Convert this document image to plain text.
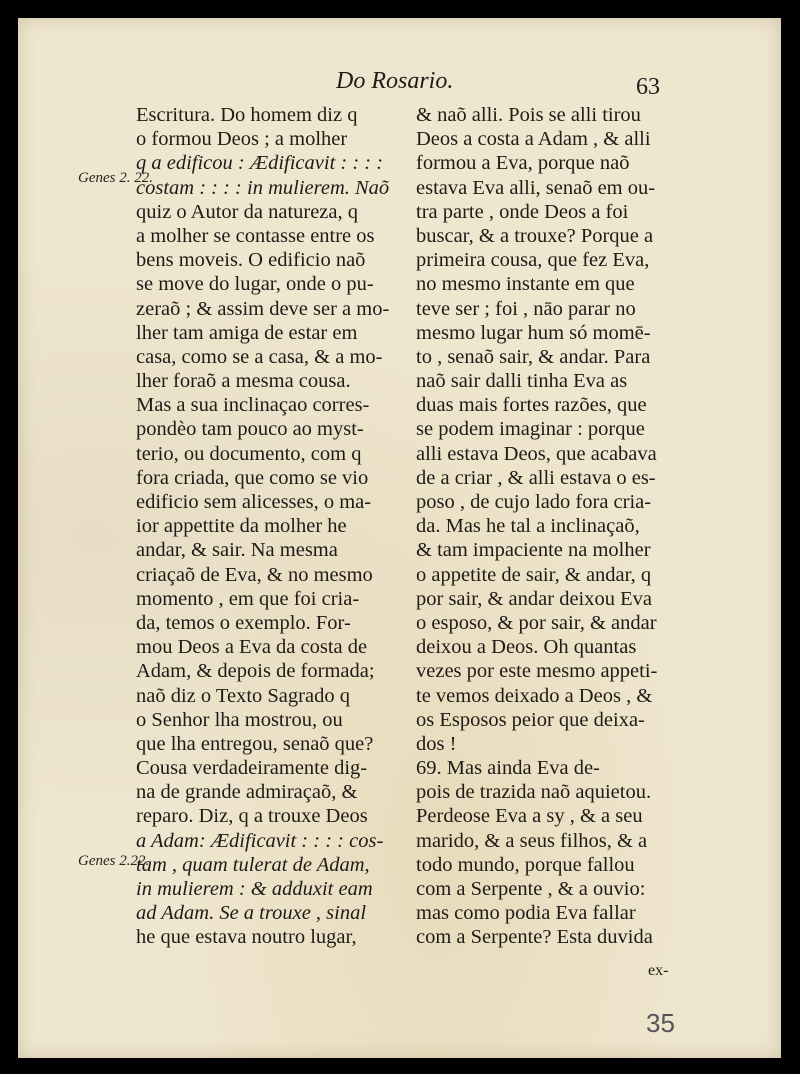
Do Rosario.	63
Genes 2. 22.
Genes 2.22.
Escritura. Do homem diz q
o formou Deos ; a molher
q a edificou : Ædificavit : : : :
costam : : : : in mulierem. Naõ
quiz o Autor da natureza, q
a molher se contasse entre os
bens moveis. O edificio naõ
se move do lugar, onde o pu-
zeraõ ; & assim deve ser a mo-
lher tam amiga de estar em
casa, como se a casa, & a mo-
lher foraõ a mesma cousa.
Mas a sua inclinaçao corres-
pondèo tam pouco ao myst-
terio, ou documento, com q
fora criada, que como se vio
edificio sem alicesses, o ma-
ior appettite da molher he
andar, & sair. Na mesma
criaçaõ de Eva, & no mesmo
momento , em que foi cria-
da, temos o exemplo. For-
mou Deos a Eva da costa de
Adam, & depois de formada;
naõ diz o Texto Sagrado q
o Senhor lha mostrou, ou
que lha entregou, senaõ que?
Cousa verdadeiramente dig-
na de grande admiraçaõ, &
reparo. Diz, q a trouxe Deos
a Adam: Ædificavit : : : : cos-
tam , quam tulerat de Adam,
in mulierem : & adduxit eam
ad Adam. Se a trouxe , sinal
he que estava noutro lugar,
& naõ alli. Pois se alli tirou
Deos a costa a Adam , & alli
formou a Eva, porque naõ
estava Eva alli, senaõ em ou-
tra parte , onde Deos a foi
buscar, & a trouxe? Porque a
primeira cousa, que fez Eva,
no mesmo instante em que
teve ser ; foi , nāo parar no
mesmo lugar hum só momē-
to , senaõ sair, & andar. Para
naõ sair dalli tinha Eva as
duas mais fortes razões, que
se podem imaginar : porque
alli estava Deos, que acabava
de a criar , & alli estava o es-
poso , de cujo lado fora cria-
da. Mas he tal a inclinaçaõ,
& tam impaciente na molher
o appetite de sair, & andar, q
por sair, & andar deixou Eva
o esposo, & por sair, & andar
deixou a Deos. Oh quantas
vezes por este mesmo appeti-
te vemos deixado a Deos , &
os Esposos peior que deixa-
dos !
69. Mas ainda Eva de-
pois de trazida naõ aquietou.
Perdeose Eva a sy , & a seu
marido, & a seus filhos, & a
todo mundo, porque fallou
com a Serpente , & a ouvio:
mas como podia Eva fallar
com a Serpente? Esta duvida
ex-
35
